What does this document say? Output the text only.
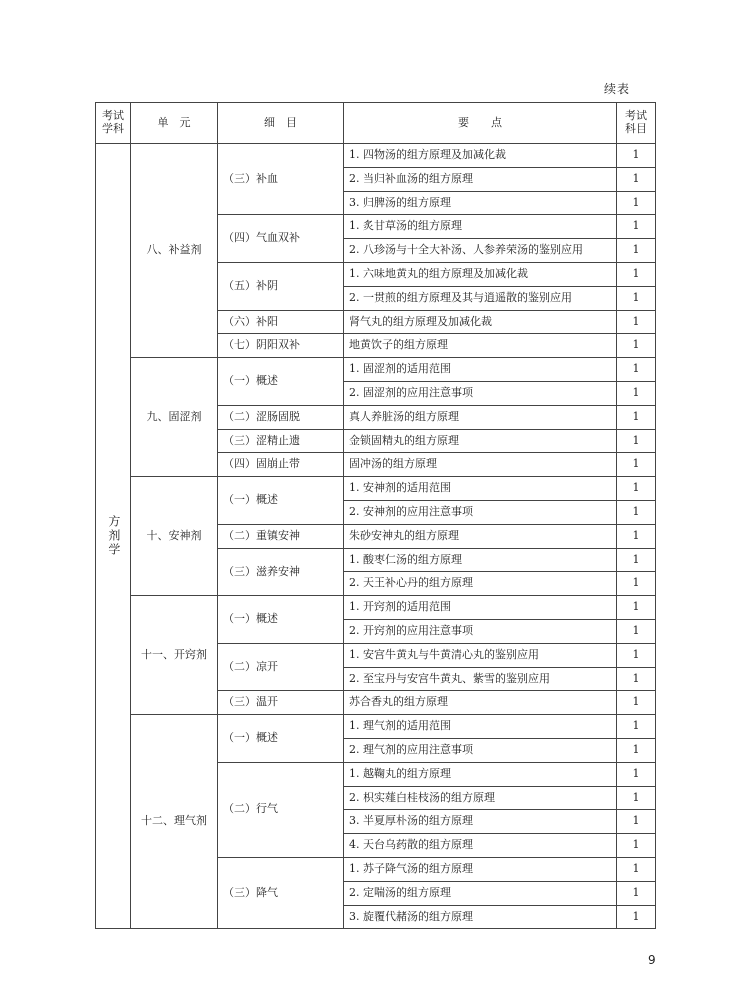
续表
考试学科	单　元	细　目	要　　点	考试科目
方剂学	八、补益剂	（三）补血	1. 四物汤的组方原理及加减化裁	1
			2. 当归补血汤的组方原理	1
			3. 归脾汤的组方原理	1
		（四）气血双补	1. 炙甘草汤的组方原理	1
			2. 八珍汤与十全大补汤、人参养荣汤的鉴别应用	1
		（五）补阴	1. 六味地黄丸的组方原理及加减化裁	1
			2. 一贯煎的组方原理及其与逍遥散的鉴别应用	1
		（六）补阳	肾气丸的组方原理及加减化裁	1
		（七）阴阳双补	地黄饮子的组方原理	1
	九、固涩剂	（一）概述	1. 固涩剂的适用范围	1
			2. 固涩剂的应用注意事项	1
		（二）涩肠固脱	真人养脏汤的组方原理	1
		（三）涩精止遗	金锁固精丸的组方原理	1
		（四）固崩止带	固冲汤的组方原理	1
	十、安神剂	（一）概述	1. 安神剂的适用范围	1
			2. 安神剂的应用注意事项	1
		（二）重镇安神	朱砂安神丸的组方原理	1
		（三）滋养安神	1. 酸枣仁汤的组方原理	1
			2. 天王补心丹的组方原理	1
	十一、开窍剂	（一）概述	1. 开窍剂的适用范围	1
			2. 开窍剂的应用注意事项	1
		（二）凉开	1. 安宫牛黄丸与牛黄清心丸的鉴别应用	1
			2. 至宝丹与安宫牛黄丸、紫雪的鉴别应用	1
		（三）温开	苏合香丸的组方原理	1
	十二、理气剂	（一）概述	1. 理气剂的适用范围	1
			2. 理气剂的应用注意事项	1
		（二）行气	1. 越鞠丸的组方原理	1
			2. 枳实薤白桂枝汤的组方原理	1
			3. 半夏厚朴汤的组方原理	1
			4. 天台乌药散的组方原理	1
		（三）降气	1. 苏子降气汤的组方原理	1
			2. 定喘汤的组方原理	1
			3. 旋覆代赭汤的组方原理	1
9
